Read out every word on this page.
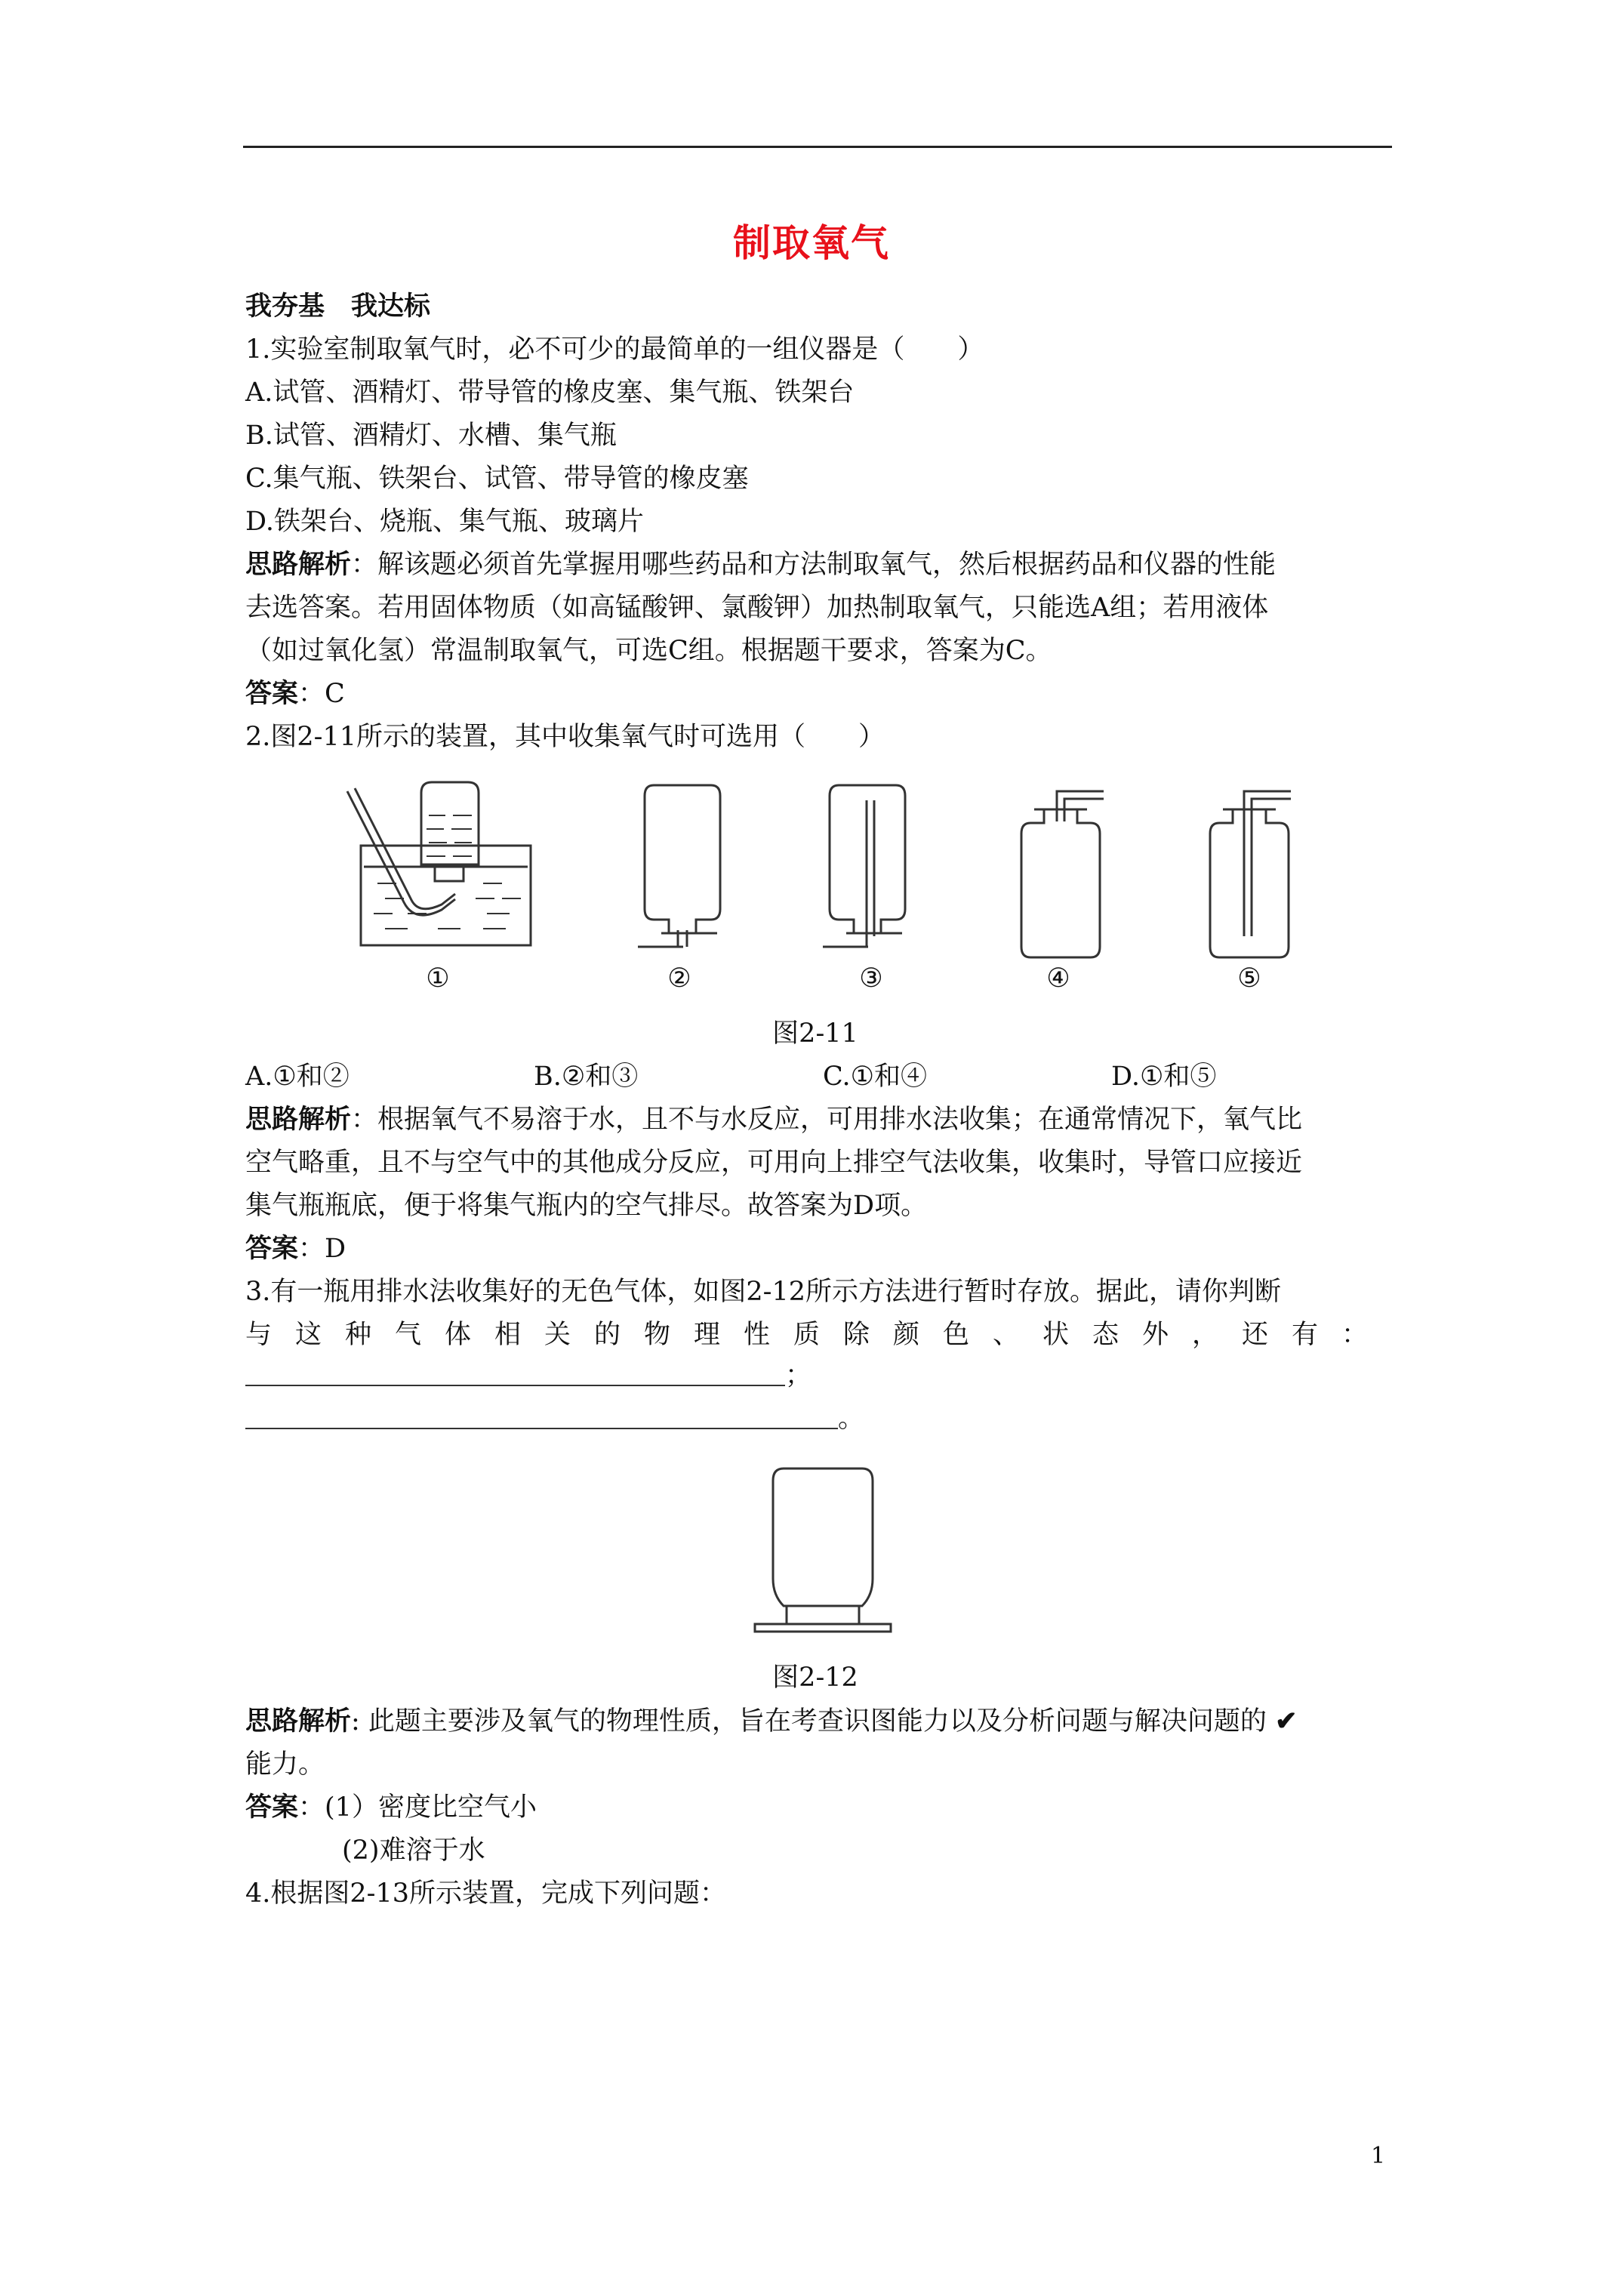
制取氧气
我夯基　我达标
1.实验室制取氧气时，必不可少的最简单的一组仪器是（　　）
A.试管、酒精灯、带导管的橡皮塞、集气瓶、铁架台
B.试管、酒精灯、水槽、集气瓶
C.集气瓶、铁架台、试管、带导管的橡皮塞
D.铁架台、烧瓶、集气瓶、玻璃片
思路解析：解该题必须首先掌握用哪些药品和方法制取氧气，然后根据药品和仪器的性能
去选答案。若用固体物质（如高锰酸钾、氯酸钾）加热制取氧气，只能选A组；若用液体
（如过氧化氢）常温制取氧气，可选C组。根据题干要求，答案为C。
答案：C
2.图2-11所示的装置，其中收集氧气时可选用（　　）
①	②	③	④	⑤
图2-11
A.①和②	B.②和③	C.①和④	D.①和⑤
思路解析：根据氧气不易溶于水，且不与水反应，可用排水法收集；在通常情况下，氧气比
空气略重，且不与空气中的其他成分反应，可用向上排空气法收集，收集时，导管口应接近
集气瓶瓶底，便于将集气瓶内的空气排尽。故答案为D项。
答案：D
3.有一瓶用排水法收集好的无色气体，如图2-12所示方法进行暂时存放。据此，请你判断
与这种气体相关的物理性质除颜色、状态外，还有：
；
。
图2-12
思路解析: 此题主要涉及氧气的物理性质，旨在考查识图能力以及分析问题与解决问题的 ✔
能力。
答案：(1）密度比空气小
(2)难溶于水
4.根据图2-13所示装置，完成下列问题：
1
